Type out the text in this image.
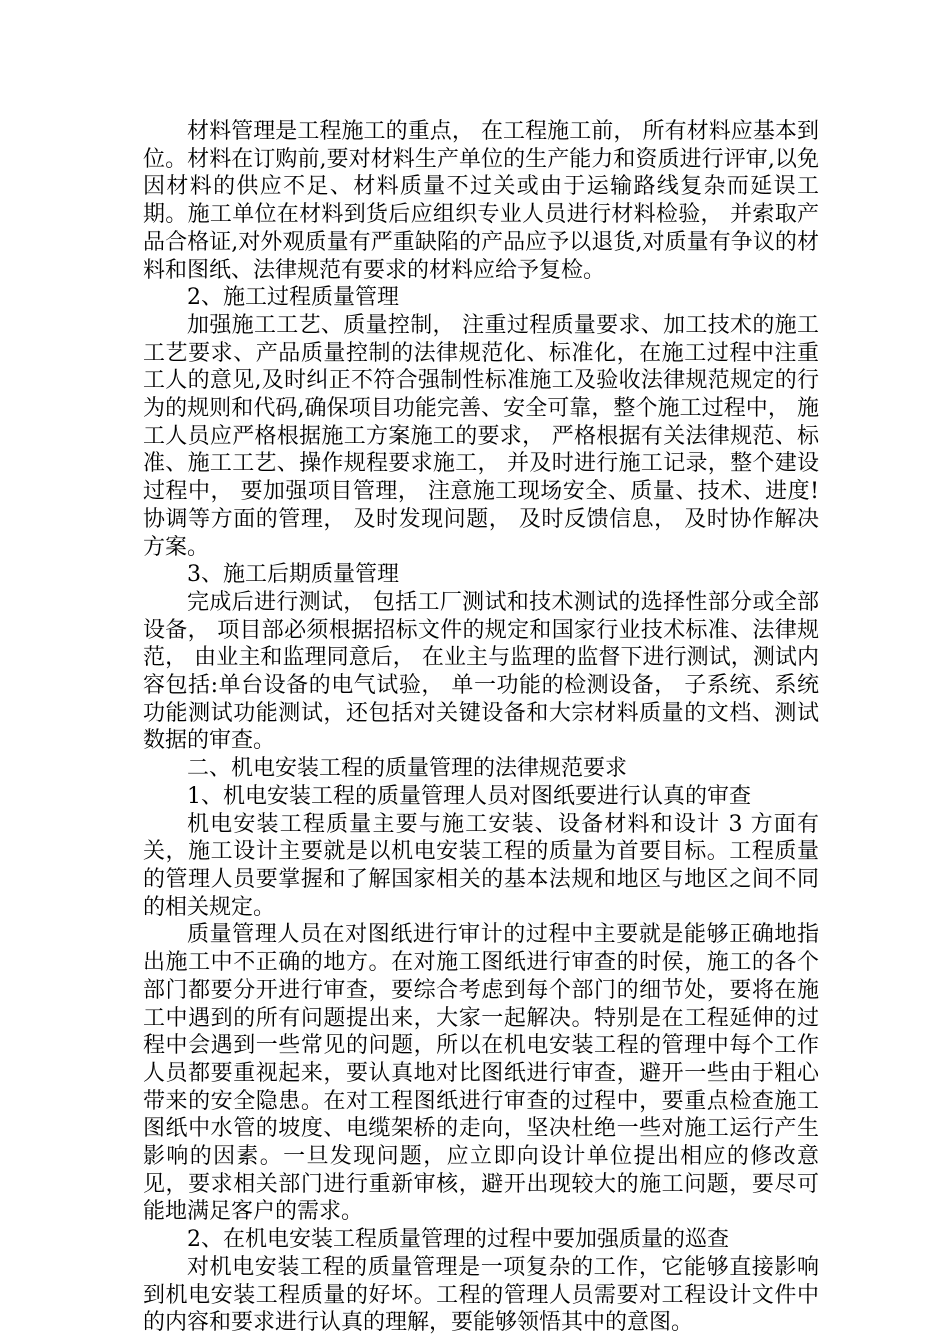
材料管理是工程施工的重点， 在工程施工前， 所有材料应基本到位。材料在订购前,要对材料生产单位的生产能力和资质进行评审,以免因材料的供应不足、材料质量不过关或由于运输路线复杂而延误工期。施工单位在材料到货后应组织专业人员进行材料检验， 并索取产品合格证,对外观质量有严重缺陷的产品应予以退货,对质量有争议的材料和图纸、法律规范有要求的材料应给予复检。

2、施工过程质量管理

加强施工工艺、质量控制， 注重过程质量要求、加工技术的施工工艺要求、产品质量控制的法律规范化、标准化，在施工过程中注重工人的意见,及时纠正不符合强制性标准施工及验收法律规范规定的行为的规则和代码,确保项目功能完善、安全可靠，整个施工过程中， 施工人员应严格根据施工方案施工的要求， 严格根据有关法律规范、标准、施工工艺、操作规程要求施工， 并及时进行施工记录，整个建设过程中， 要加强项目管理， 注意施工现场安全、质量、技术、进度!协调等方面的管理， 及时发现问题， 及时反馈信息， 及时协作解决方案。

3、施工后期质量管理

完成后进行测试， 包括工厂测试和技术测试的选择性部分或全部设备， 项目部必须根据招标文件的规定和国家行业技术标准、法律规范， 由业主和监理同意后， 在业主与监理的监督下进行测试，测试内容包括:单台设备的电气试验， 单一功能的检测设备， 子系统、系统功能测试功能测试，还包括对关键设备和大宗材料质量的文档、测试数据的审查。

二、机电安装工程的质量管理的法律规范要求

1、机电安装工程的质量管理人员对图纸要进行认真的审查

机电安装工程质量主要与施工安装、设备材料和设计 3 方面有关，施工设计主要就是以机电安装工程的质量为首要目标。工程质量的管理人员要掌握和了解国家相关的基本法规和地区与地区之间不同的相关规定。

质量管理人员在对图纸进行审计的过程中主要就是能够正确地指出施工中不正确的地方。在对施工图纸进行审查的时侯，施工的各个部门都要分开进行审查，要综合考虑到每个部门的细节处，要将在施工中遇到的所有问题提出来，大家一起解决。特别是在工程延伸的过程中会遇到一些常见的问题，所以在机电安装工程的管理中每个工作人员都要重视起来，要认真地对比图纸进行审查，避开一些由于粗心带来的安全隐患。在对工程图纸进行审查的过程中，要重点检查施工图纸中水管的坡度、电缆架桥的走向，坚决杜绝一些对施工运行产生影响的因素。一旦发现问题，应立即向设计单位提出相应的修改意见，要求相关部门进行重新审核，避开出现较大的施工问题，要尽可能地满足客户的需求。

2、在机电安装工程质量管理的过程中要加强质量的巡查

对机电安装工程的质量管理是一项复杂的工作，它能够直接影响到机电安装工程质量的好坏。工程的管理人员需要对工程设计文件中的内容和要求进行认真的理解，要能够领悟其中的意图。
